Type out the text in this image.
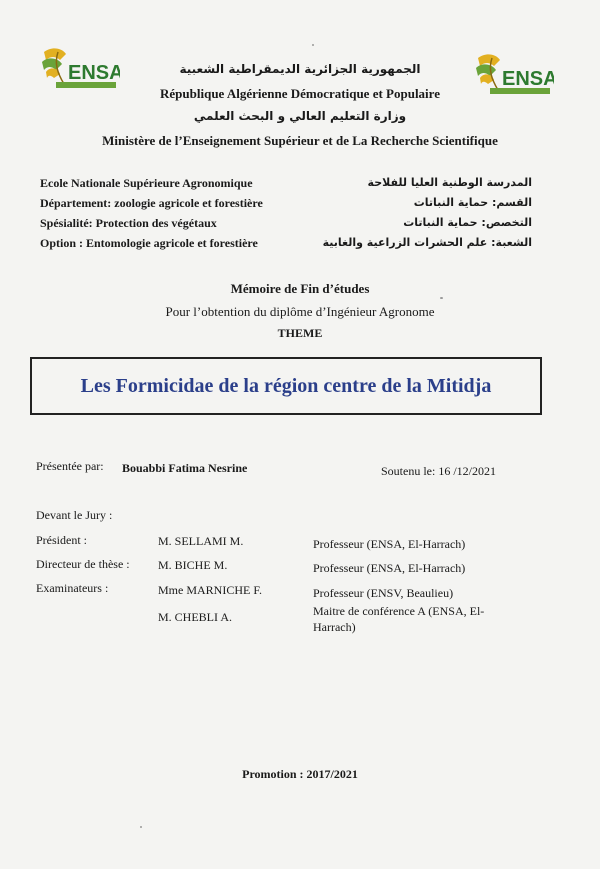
ENSA	ENSA
الجمهورية الجزائرية الديمقراطية الشعبية
République Algérienne Démocratique et Populaire
وزارة التعليم العالي و البحث العلمي
Ministère de l’Enseignement Supérieur et de La Recherche Scientifique
Ecole Nationale Supérieure Agronomique	المدرسة الوطنية العليا للفلاحة
Département: zoologie agricole et forestière	القسم: حماية النباتات
Spésialité: Protection des végétaux	التخصص: حماية النباتات
Option : Entomologie agricole et forestière	الشعبة: علم الحشرات الزراعية والغابية
Mémoire de Fin d’études
Pour l’obtention du diplôme d’Ingénieur Agronome
THEME
Les Formicidae de la région centre de la Mitidja
Présentée par: Bouabbi Fatima Nesrine	Soutenu le: 16 /12/2021
Devant le Jury :
Président :	M. SELLAMI M.	Professeur (ENSA, El-Harrach)
Directeur de thèse : M. BICHE M.	Professeur (ENSA, El-Harrach)
Examinateurs :	Mme MARNICHE F.	Professeur (ENSV, Beaulieu)
M. CHEBLI A.	Maitre de conférence A (ENSA, El-
Harrach)
Promotion : 2017/2021
